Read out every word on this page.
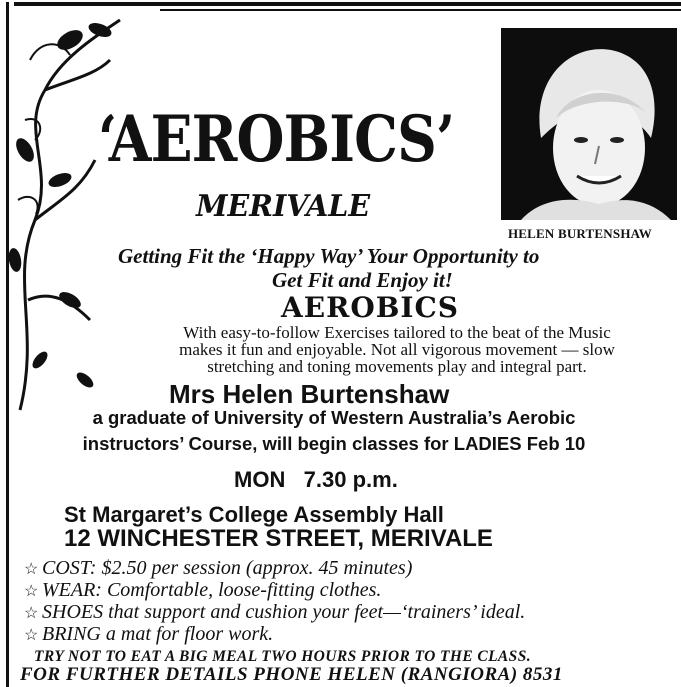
HELEN BURTENSHAW
‘AEROBICS’
MERIVALE
Getting Fit the ‘Happy Way’ Your Opportunity to
Get Fit and Enjoy it!
AEROBICS
With easy-to-follow Exercises tailored to the beat of the Music
makes it fun and enjoyable. Not all vigorous movement — slow
stretching and toning movements play and integral part.
Mrs Helen Burtenshaw
a graduate of University of Western Australia’s Aerobic
instructors’ Course, will begin classes for LADIES Feb 10
MON 7.30 p.m.
St Margaret’s College Assembly Hall
12 WINCHESTER STREET, MERIVALE
☆ COST: $2.50 per session (approx. 45 minutes)
☆ WEAR: Comfortable, loose-fitting clothes.
☆ SHOES that support and cushion your feet—‘trainers’ ideal.
☆ BRING a mat for floor work.
TRY NOT TO EAT A BIG MEAL TWO HOURS PRIOR TO THE CLASS.
FOR FURTHER DETAILS PHONE HELEN (RANGIORA) 8531
